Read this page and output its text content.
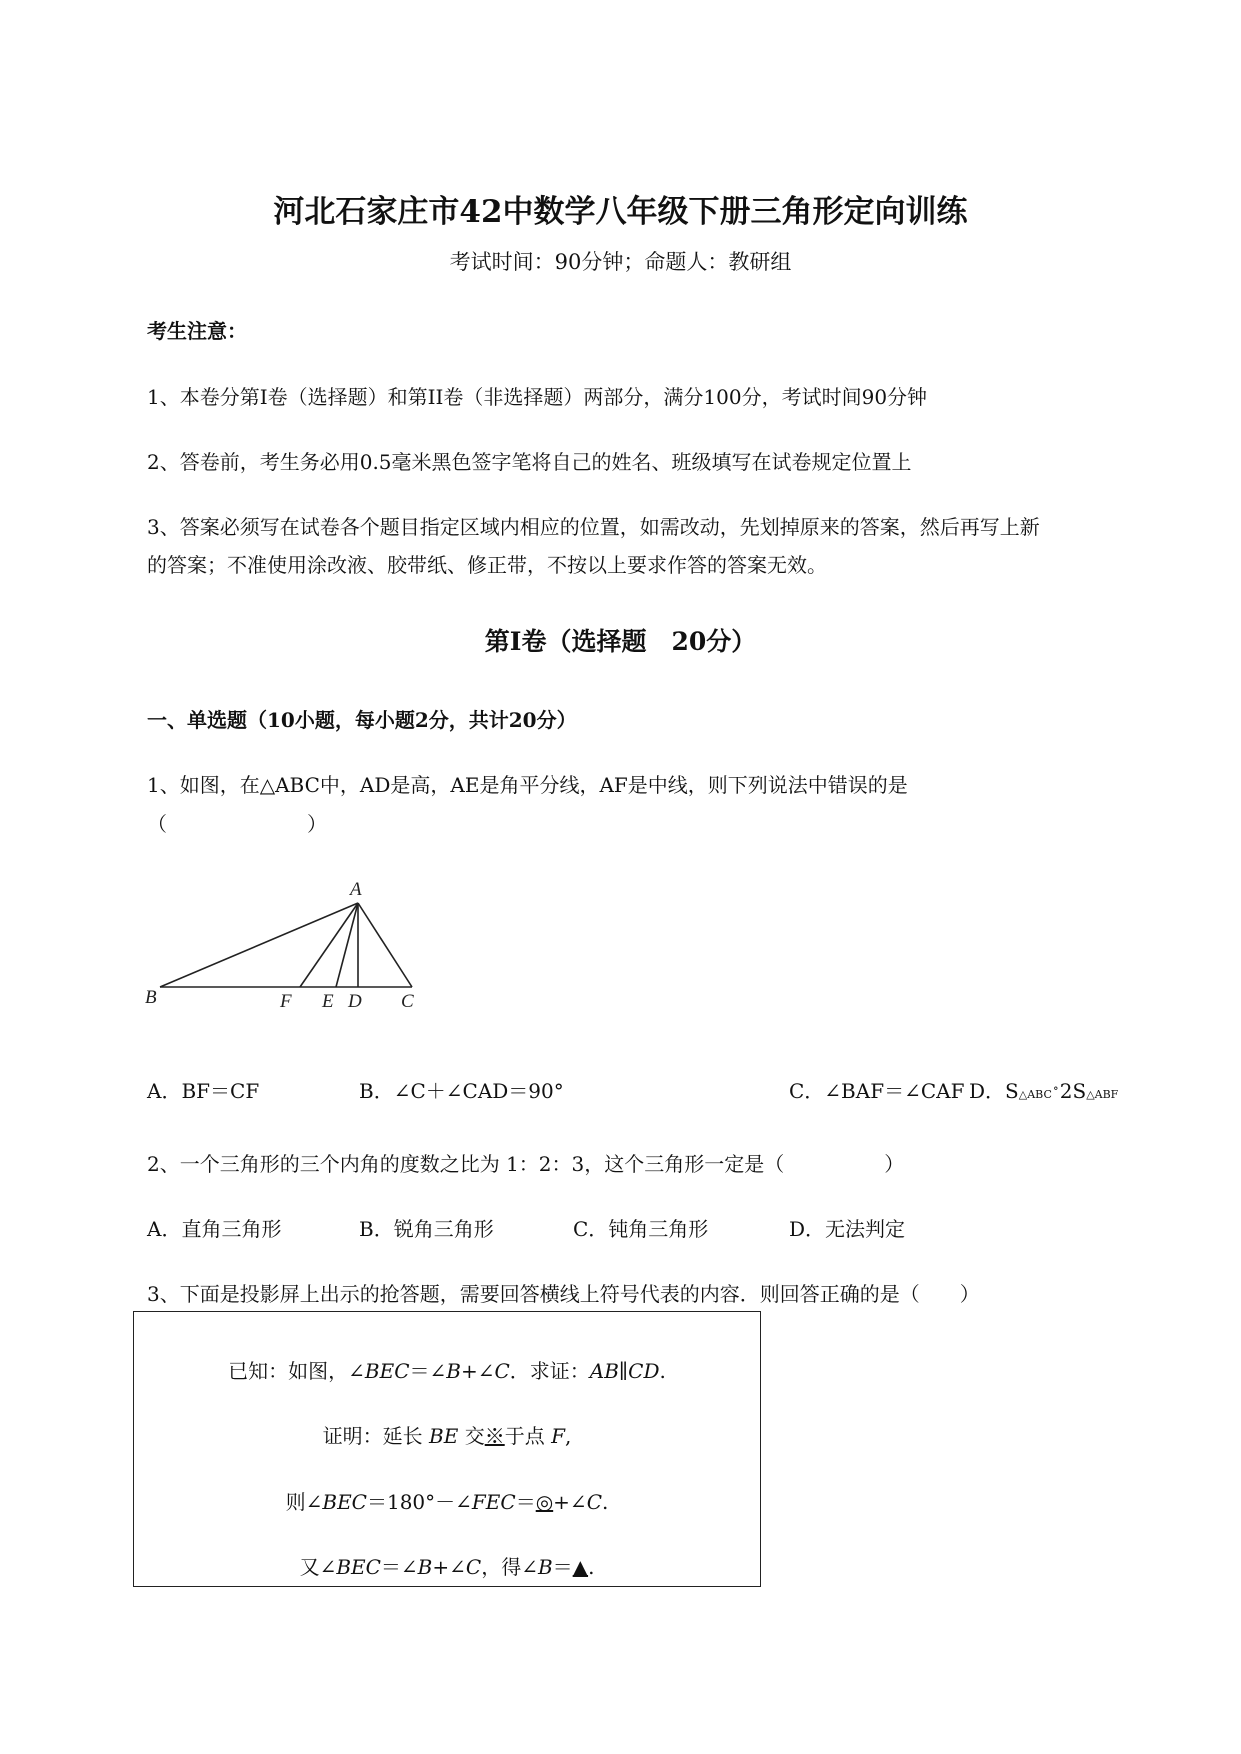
河北石家庄市42中数学八年级下册三角形定向训练
考试时间：90分钟；命题人：教研组
考生注意：
1、本卷分第I卷（选择题）和第II卷（非选择题）两部分，满分100分，考试时间90分钟
2、答卷前，考生务必用0.5毫米黑色签字笔将自己的姓名、班级填写在试卷规定位置上
3、答案必须写在试卷各个题目指定区域内相应的位置，如需改动，先划掉原来的答案，然后再写上新
的答案；不准使用涂改液、胶带纸、修正带，不按以上要求作答的答案无效。
第I卷（选择题　20分）
一、单选题（10小题，每小题2分，共计20分）
1、如图，在△ABC中，AD是高，AE是角平分线，AF是中线，则下列说法中错误的是
（　　　　　　　）
A
B	F E D C
A．BF＝CF	B．∠C＋∠CAD＝90°	C．∠BAF＝∠CAF D．S△ABC∘2S△ABF
2、一个三角形的三个内角的度数之比为 1：2：3，这个三角形一定是（　　　　　）
A．直角三角形	B．锐角三角形	C．钝角三角形	D．无法判定
3、下面是投影屏上出示的抢答题，需要回答横线上符号代表的内容．则回答正确的是（　　）
已知：如图，∠BEC＝∠B+∠C．求证：AB∥CD.
证明：延长 BE 交※于点 F,
则∠BEC＝180°－∠FEC＝◎+∠C.
又∠BEC＝∠B+∠C，得∠B＝▲.
